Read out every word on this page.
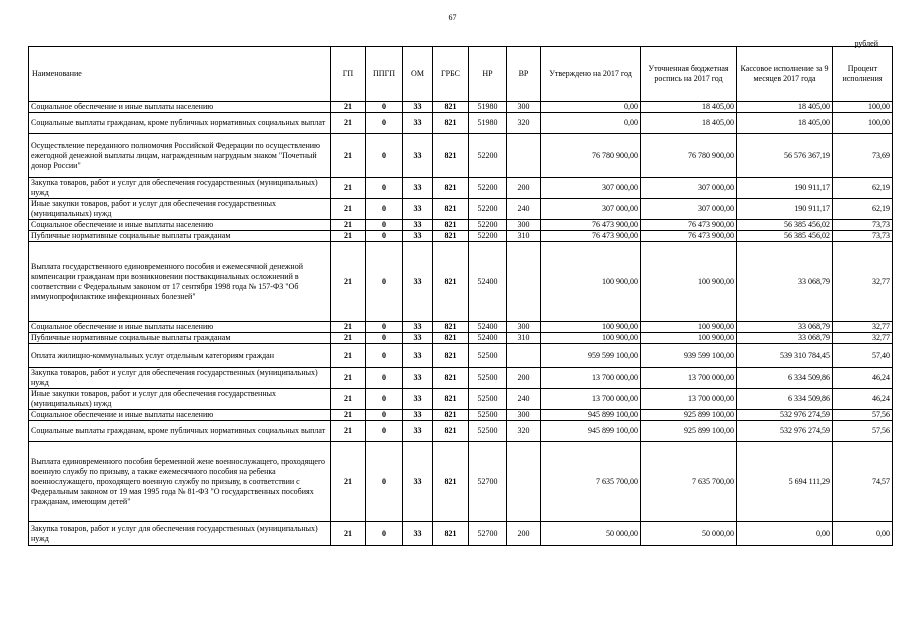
67
рублей
Наименование	ГП	ППГП	ОМ	ГРБС	НР	ВР	Утверждено на 2017 год	Уточненная бюджетная роспись на 2017 год	Кассовое исполнение за 9 месяцев 2017 года	Процент исполнения
Социальное обеспечение и иные выплаты населению	21	0	33	821	51980	300	0,00	18 405,00	18 405,00	100,00
Социальные выплаты гражданам, кроме публичных нормативных социальных выплат	21	0	33	821	51980	320	0,00	18 405,00	18 405,00	100,00
Осуществление переданного полномочия Российской Федерации по осуществлению ежегодной денежной выплаты лицам, награжденным нагрудным знаком "Почетный донор России"	21	0	33	821	52200		76 780 900,00	76 780 900,00	56 576 367,19	73,69
Закупка товаров, работ и услуг для обеспечения государственных (муниципальных) нужд	21	0	33	821	52200	200	307 000,00	307 000,00	190 911,17	62,19
Иные закупки товаров, работ и услуг для обеспечения государственных (муниципальных) нужд	21	0	33	821	52200	240	307 000,00	307 000,00	190 911,17	62,19
Социальное обеспечение и иные выплаты населению	21	0	33	821	52200	300	76 473 900,00	76 473 900,00	56 385 456,02	73,73
Публичные нормативные социальные выплаты гражданам	21	0	33	821	52200	310	76 473 900,00	76 473 900,00	56 385 456,02	73,73
Выплата государственного единовременного пособия и ежемесячной денежной компенсации гражданам при возникновении поствакцинальных осложнений в соответствии с Федеральным законом от 17 сентября 1998 года № 157-ФЗ "Об иммунопрофилактике инфекционных болезней"	21	0	33	821	52400		100 900,00	100 900,00	33 068,79	32,77
Социальное обеспечение и иные выплаты населению	21	0	33	821	52400	300	100 900,00	100 900,00	33 068,79	32,77
Публичные нормативные социальные выплаты гражданам	21	0	33	821	52400	310	100 900,00	100 900,00	33 068,79	32,77
Оплата жилищно-коммунальных услуг отдельным категориям граждан	21	0	33	821	52500		959 599 100,00	939 599 100,00	539 310 784,45	57,40
Закупка товаров, работ и услуг для обеспечения государственных (муниципальных) нужд	21	0	33	821	52500	200	13 700 000,00	13 700 000,00	6 334 509,86	46,24
Иные закупки товаров, работ и услуг для обеспечения государственных (муниципальных) нужд	21	0	33	821	52500	240	13 700 000,00	13 700 000,00	6 334 509,86	46,24
Социальное обеспечение и иные выплаты населению	21	0	33	821	52500	300	945 899 100,00	925 899 100,00	532 976 274,59	57,56
Социальные выплаты гражданам, кроме публичных нормативных социальных выплат	21	0	33	821	52500	320	945 899 100,00	925 899 100,00	532 976 274,59	57,56
Выплата единовременного пособия беременной жене военнослужащего, проходящего военную службу по призыву, а также ежемесячного пособия на ребенка военнослужащего, проходящего военную службу по призыву, в соответствии с Федеральным законом от 19 мая 1995 года № 81-ФЗ "О государственных пособиях гражданам, имеющим детей"	21	0	33	821	52700		7 635 700,00	7 635 700,00	5 694 111,29	74,57
Закупка товаров, работ и услуг для обеспечения государственных (муниципальных) нужд	21	0	33	821	52700	200	50 000,00	50 000,00	0,00	0,00
